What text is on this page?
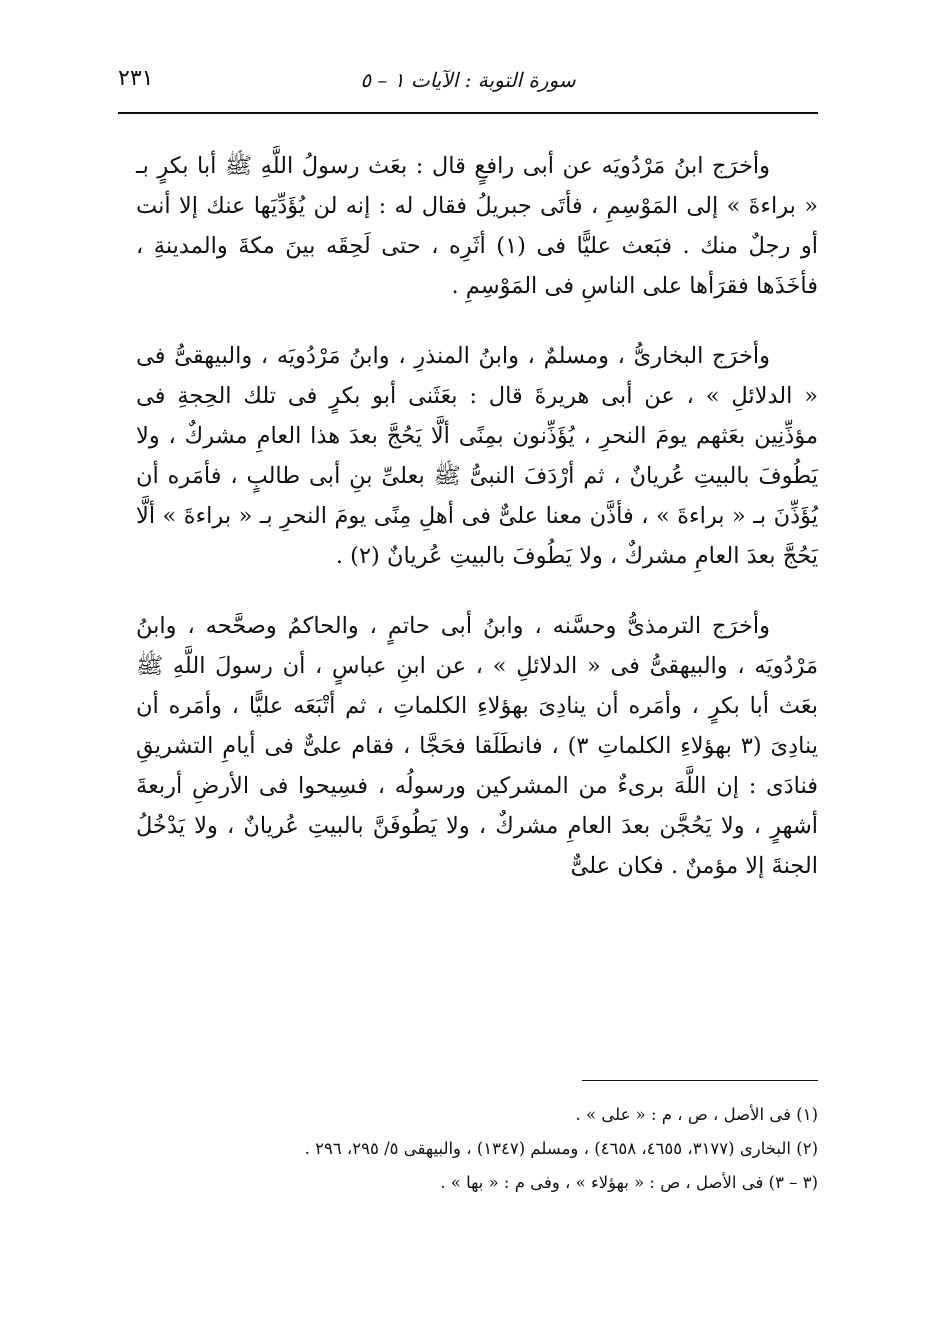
سورة التوبة : الآيات ١ – ٥
٢٣١

وأخرَج ابنُ مَرْدُويَه عن أبى رافعٍ قال : بعَث رسولُ اللَّهِ ﷺ أبا بكرٍ بـ « براءةَ » إلى المَوْسِمِ ، فأتَى جبريلُ فقال له : إنه لن يُؤَدِّيَها عنك إلا أنت أو رجلٌ منك . فبَعث عليًّا فى (١) أثَرِه ، حتى لَحِقَه بينَ مكةَ والمدينةِ ، فأخَذَها فقرَأها على الناسِ فى المَوْسِمِ .

وأخرَج البخارىُّ ، ومسلمٌ ، وابنُ المنذرِ ، وابنُ مَرْدُويَه ، والبيهقىُّ فى « الدلائلِ » ، عن أبى هريرةَ قال : بعَثَنى أبو بكرٍ فى تلك الحِجةِ فى مؤذِّنِين بعَثهم يومَ النحرِ ، يُؤَذِّنون بمِنًى ألَّا يَحُجَّ بعدَ هذا العامِ مشركٌ ، ولا يَطُوفَ بالبيتِ عُريانٌ ، ثم أرْدَفَ النبىُّ ﷺ بعلىِّ بنِ أبى طالبٍ ، فأمَره أن يُؤَذِّنَ بـ « براءةَ » ، فأذَّن معنا علىٌّ فى أهلِ مِنًى يومَ النحرِ بـ « براءةَ » ألَّا يَحُجَّ بعدَ العامِ مشركٌ ، ولا يَطُوفَ بالبيتِ عُريانٌ (٢) .

وأخرَج الترمذىُّ وحسَّنه ، وابنُ أبى حاتمٍ ، والحاكمُ وصحَّحه ، وابنُ مَرْدُويَه ، والبيهقىُّ فى « الدلائلِ » ، عن ابنِ عباسٍ ، أن رسولَ اللَّهِ ﷺ بعَث أبا بكرٍ ، وأمَره أن ينادِىَ بهؤلاءِ الكلماتِ ، ثم أتْبَعَه عليًّا ، وأمَره أن ينادِىَ (٣ بهؤلاءِ الكلماتِ ٣) ، فانطَلَقا فحَجَّا ، فقام علىٌّ فى أيامِ التشريقِ فنادَى : إن اللَّهَ برىءٌ من المشركين ورسولُه ، فسِيحوا فى الأرضِ أربعةَ أشهرٍ ، ولا يَحُجَّن بعدَ العامِ مشركٌ ، ولا يَطُوفَنَّ بالبيتِ عُريانٌ ، ولا يَدْخُلُ الجنةَ إلا مؤمنٌ . فكان علىٌّ

(١) فى الأصل ، ص ، م : « على » .
(٢) البخارى (٣١٧٧، ٤٦٥٥، ٤٦٥٨) ، ومسلم (١٣٤٧) ، والبيهقى ٥/ ٢٩٥، ٢٩٦ .
(٣ – ٣) فى الأصل ، ص : « بهؤلاء » ، وفى م : « بها » .
